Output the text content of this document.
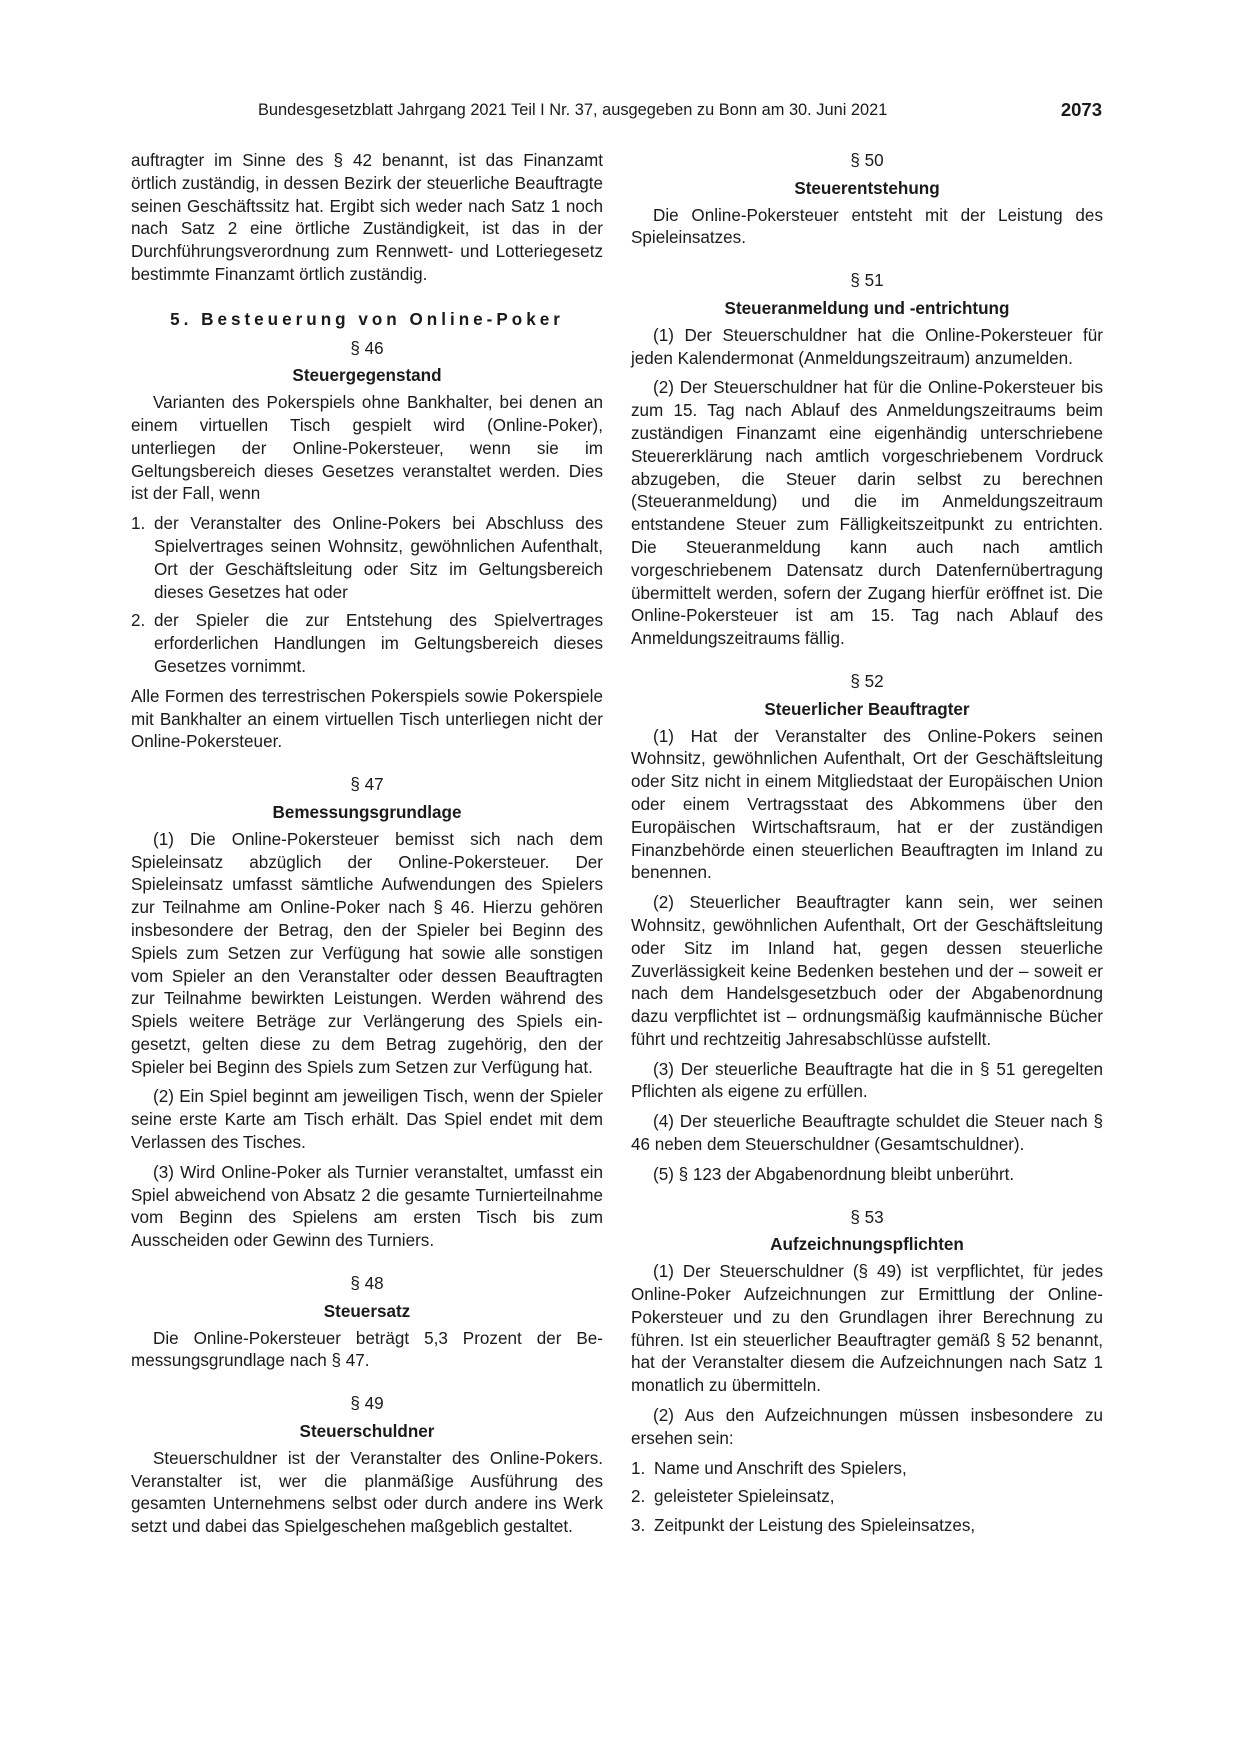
Bundesgesetzblatt Jahrgang 2021 Teil I Nr. 37, ausgegeben zu Bonn am 30. Juni 2021	2073

auftragter im Sinne des § 42 benannt, ist das Finanzamt örtlich zuständig, in dessen Bezirk der steuerliche Beauftragte seinen Geschäftssitz hat. Ergibt sich weder nach Satz 1 noch nach Satz 2 eine örtliche Zuständigkeit, ist das in der Durchführungsverordnung zum Rennwett- und Lotteriegesetz bestimmte Finanzamt örtlich zuständig.

5. Besteuerung von Online-Poker
§ 46
Steuergegenstand

Varianten des Pokerspiels ohne Bankhalter, bei denen an einem virtuellen Tisch gespielt wird (Online-Poker), unterliegen der Online-Pokersteuer, wenn sie im Geltungsbereich dieses Gesetzes veranstaltet werden. Dies ist der Fall, wenn

1. der Veranstalter des Online-Pokers bei Abschluss des Spielvertrages seinen Wohnsitz, gewöhnlichen Aufenthalt, Ort der Geschäftsleitung oder Sitz im Geltungsbereich dieses Gesetzes hat oder
2. der Spieler die zur Entstehung des Spielvertrages erforderlichen Handlungen im Geltungsbereich dieses Gesetzes vornimmt.

Alle Formen des terrestrischen Pokerspiels sowie Pokerspiele mit Bankhalter an einem virtuellen Tisch unterliegen nicht der Online-Pokersteuer.

§ 47
Bemessungsgrundlage

(1) Die Online-Pokersteuer bemisst sich nach dem Spieleinsatz abzüglich der Online-Pokersteuer. Der Spieleinsatz umfasst sämtliche Aufwendungen des Spielers zur Teilnahme am Online-Poker nach § 46. Hierzu gehören insbesondere der Betrag, den der Spieler bei Beginn des Spiels zum Setzen zur Verfügung hat sowie alle sonstigen vom Spieler an den Veranstalter oder dessen Beauftragten zur Teilnahme bewirkten Leistungen. Werden während des Spiels weitere Beträge zur Verlängerung des Spiels eingesetzt, gelten diese zu dem Betrag zugehörig, den der Spieler bei Beginn des Spiels zum Setzen zur Verfügung hat.

(2) Ein Spiel beginnt am jeweiligen Tisch, wenn der Spieler seine erste Karte am Tisch erhält. Das Spiel endet mit dem Verlassen des Tisches.

(3) Wird Online-Poker als Turnier veranstaltet, umfasst ein Spiel abweichend von Absatz 2 die gesamte Turnierteilnahme vom Beginn des Spielens am ersten Tisch bis zum Ausscheiden oder Gewinn des Turniers.

§ 48
Steuersatz

Die Online-Pokersteuer beträgt 5,3 Prozent der Bemessungsgrundlage nach § 47.

§ 49
Steuerschuldner

Steuerschuldner ist der Veranstalter des Online-Pokers. Veranstalter ist, wer die planmäßige Ausführung des gesamten Unternehmens selbst oder durch andere ins Werk setzt und dabei das Spielgeschehen maßgeblich gestaltet.

§ 50
Steuerentstehung

Die Online-Pokersteuer entsteht mit der Leistung des Spieleinsatzes.

§ 51
Steueranmeldung und -entrichtung

(1) Der Steuerschuldner hat die Online-Pokersteuer für jeden Kalendermonat (Anmeldungszeitraum) anzumelden.

(2) Der Steuerschuldner hat für die Online-Pokersteuer bis zum 15. Tag nach Ablauf des Anmeldungszeitraums beim zuständigen Finanzamt eine eigenhändig unterschriebene Steuererklärung nach amtlich vorgeschriebenem Vordruck abzugeben, die Steuer darin selbst zu berechnen (Steueranmeldung) und die im Anmeldungszeitraum entstandene Steuer zum Fälligkeitszeitpunkt zu entrichten. Die Steueranmeldung kann auch nach amtlich vorgeschriebenem Datensatz durch Datenfernübertragung übermittelt werden, sofern der Zugang hierfür eröffnet ist. Die Online-Pokersteuer ist am 15. Tag nach Ablauf des Anmeldungszeitraums fällig.

§ 52
Steuerlicher Beauftragter

(1) Hat der Veranstalter des Online-Pokers seinen Wohnsitz, gewöhnlichen Aufenthalt, Ort der Geschäftsleitung oder Sitz nicht in einem Mitgliedstaat der Europäischen Union oder einem Vertragsstaat des Abkommens über den Europäischen Wirtschaftsraum, hat er der zuständigen Finanzbehörde einen steuerlichen Beauftragten im Inland zu benennen.

(2) Steuerlicher Beauftragter kann sein, wer seinen Wohnsitz, gewöhnlichen Aufenthalt, Ort der Geschäftsleitung oder Sitz im Inland hat, gegen dessen steuerliche Zuverlässigkeit keine Bedenken bestehen und der – soweit er nach dem Handelsgesetzbuch oder der Abgabenordnung dazu verpflichtet ist – ordnungsmäßig kaufmännische Bücher führt und rechtzeitig Jahresabschlüsse aufstellt.

(3) Der steuerliche Beauftragte hat die in § 51 geregelten Pflichten als eigene zu erfüllen.

(4) Der steuerliche Beauftragte schuldet die Steuer nach § 46 neben dem Steuerschuldner (Gesamtschuldner).

(5) § 123 der Abgabenordnung bleibt unberührt.

§ 53
Aufzeichnungspflichten

(1) Der Steuerschuldner (§ 49) ist verpflichtet, für jedes Online-Poker Aufzeichnungen zur Ermittlung der Online-Pokersteuer und zu den Grundlagen ihrer Berechnung zu führen. Ist ein steuerlicher Beauftragter gemäß § 52 benannt, hat der Veranstalter diesem die Aufzeichnungen nach Satz 1 monatlich zu übermitteln.

(2) Aus den Aufzeichnungen müssen insbesondere zu ersehen sein:

1. Name und Anschrift des Spielers,
2. geleisteter Spieleinsatz,
3. Zeitpunkt der Leistung des Spieleinsatzes,
